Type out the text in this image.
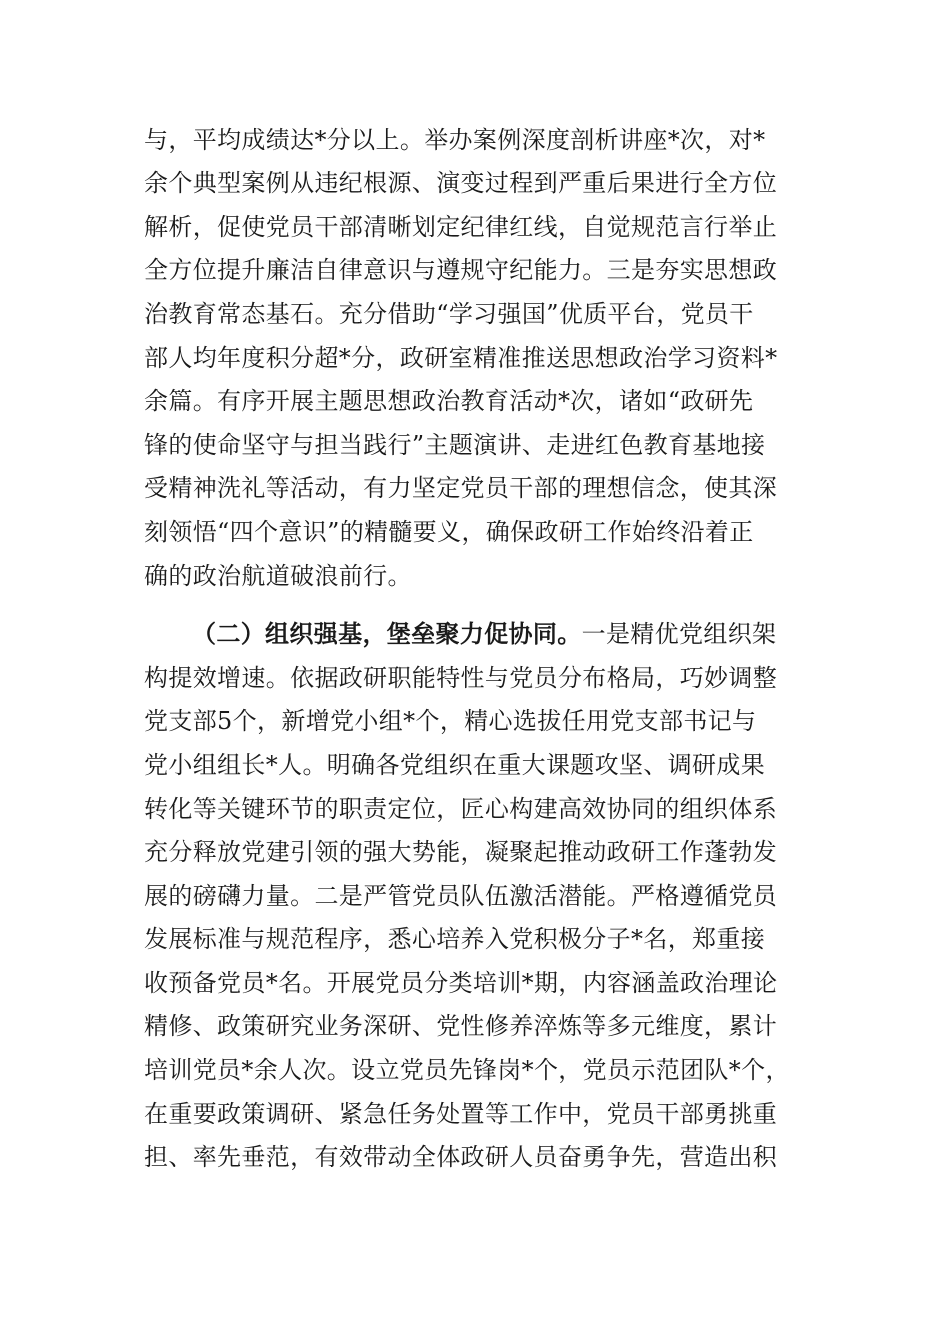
与，平均成绩达*分以上。举办案例深度剖析讲座*次，对*
余个典型案例从违纪根源、演变过程到严重后果进行全方位
解析，促使党员干部清晰划定纪律红线，自觉规范言行举止
全方位提升廉洁自律意识与遵规守纪能力。三是夯实思想政
治教育常态基石。充分借助“学习强国”优质平台，党员干
部人均年度积分超*分，政研室精准推送思想政治学习资料*
余篇。有序开展主题思想政治教育活动*次，诸如“政研先
锋的使命坚守与担当践行”主题演讲、走进红色教育基地接
受精神洗礼等活动，有力坚定党员干部的理想信念，使其深
刻领悟“四个意识”的精髓要义，确保政研工作始终沿着正
确的政治航道破浪前行。
（二）组织强基，堡垒聚力促协同。一是精优党组织架
构提效增速。依据政研职能特性与党员分布格局，巧妙调整
党支部5个，新增党小组*个，精心选拔任用党支部书记与
党小组组长*人。明确各党组织在重大课题攻坚、调研成果
转化等关键环节的职责定位，匠心构建高效协同的组织体系
充分释放党建引领的强大势能，凝聚起推动政研工作蓬勃发
展的磅礴力量。二是严管党员队伍激活潜能。严格遵循党员
发展标准与规范程序，悉心培养入党积极分子*名，郑重接
收预备党员*名。开展党员分类培训*期，内容涵盖政治理论
精修、政策研究业务深研、党性修养淬炼等多元维度，累计
培训党员*余人次。设立党员先锋岗*个，党员示范团队*个，
在重要政策调研、紧急任务处置等工作中，党员干部勇挑重
担、率先垂范，有效带动全体政研人员奋勇争先，营造出积
